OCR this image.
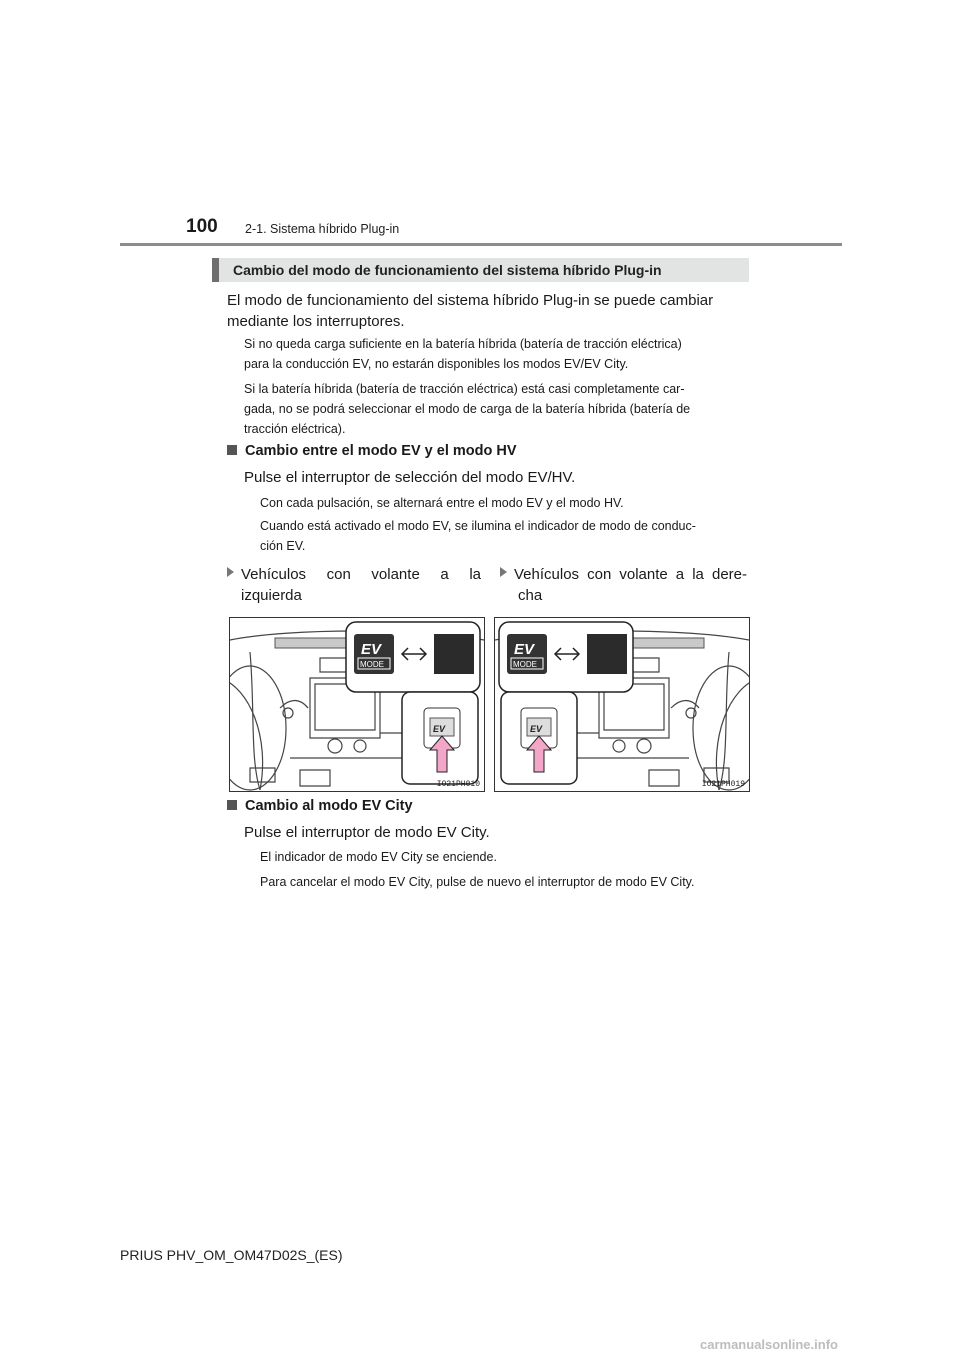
100 2-1. Sistema híbrido Plug-in
Cambio del modo de funcionamiento del sistema híbrido Plug-in
El modo de funcionamiento del sistema híbrido Plug-in se puede cambiar
mediante los interruptores.
Si no queda carga suficiente en la batería híbrida (batería de tracción eléctrica)
para la conducción EV, no estarán disponibles los modos EV/EV City.
Si la batería híbrida (batería de tracción eléctrica) está casi completamente car-
gada, no se podrá seleccionar el modo de carga de la batería híbrida (batería de
tracción eléctrica).
Cambio entre el modo EV y el modo HV
Pulse el interruptor de selección del modo EV/HV.
Con cada pulsación, se alternará entre el modo EV y el modo HV.
Cuando está activado el modo EV, se ilumina el indicador de modo de conduc-
ción EV.
Vehículos con volante a la
izquierda
Vehículos con volante a la dere-
cha
EV
MODE
EV
IO21PH010
EV
MODE
EV
IO21PH019
Cambio al modo EV City
Pulse el interruptor de modo EV City.
El indicador de modo EV City se enciende.
Para cancelar el modo EV City, pulse de nuevo el interruptor de modo EV City.
PRIUS PHV_OM_OM47D02S_(ES)
carmanualsonline.info
